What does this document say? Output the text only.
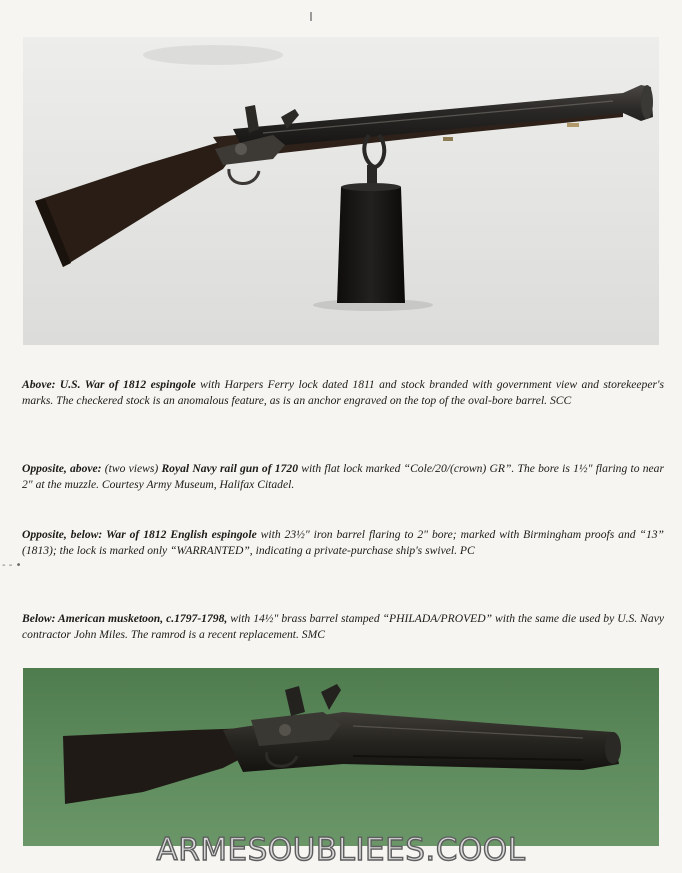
Above: U.S. War of 1812 espingole with Harpers Ferry lock dated 1811 and stock branded with government view and storekeeper's marks. The checkered stock is an anomalous feature, as is an anchor engraved on the top of the oval-bore barrel. SCC

Opposite, above: (two views) Royal Navy rail gun of 1720 with flat lock marked “Cole/20/(crown) GR”. The bore is 1½" flaring to near 2" at the muzzle. Courtesy Army Museum, Halifax Citadel.

Opposite, below: War of 1812 English espingole with 23½" iron barrel flaring to 2" bore; marked with Birmingham proofs and “13” (1813); the lock is marked only “WARRANTED”, indicating a private-purchase ship's swivel. PC

- - •

Below: American musketoon, c.1797-1798, with 14½" brass barrel stamped “PHILADA/PROVED” with the same die used by U.S. Navy contractor John Miles. The ramrod is a recent replacement. SMC

ARMESOUBLIEES.COOL
